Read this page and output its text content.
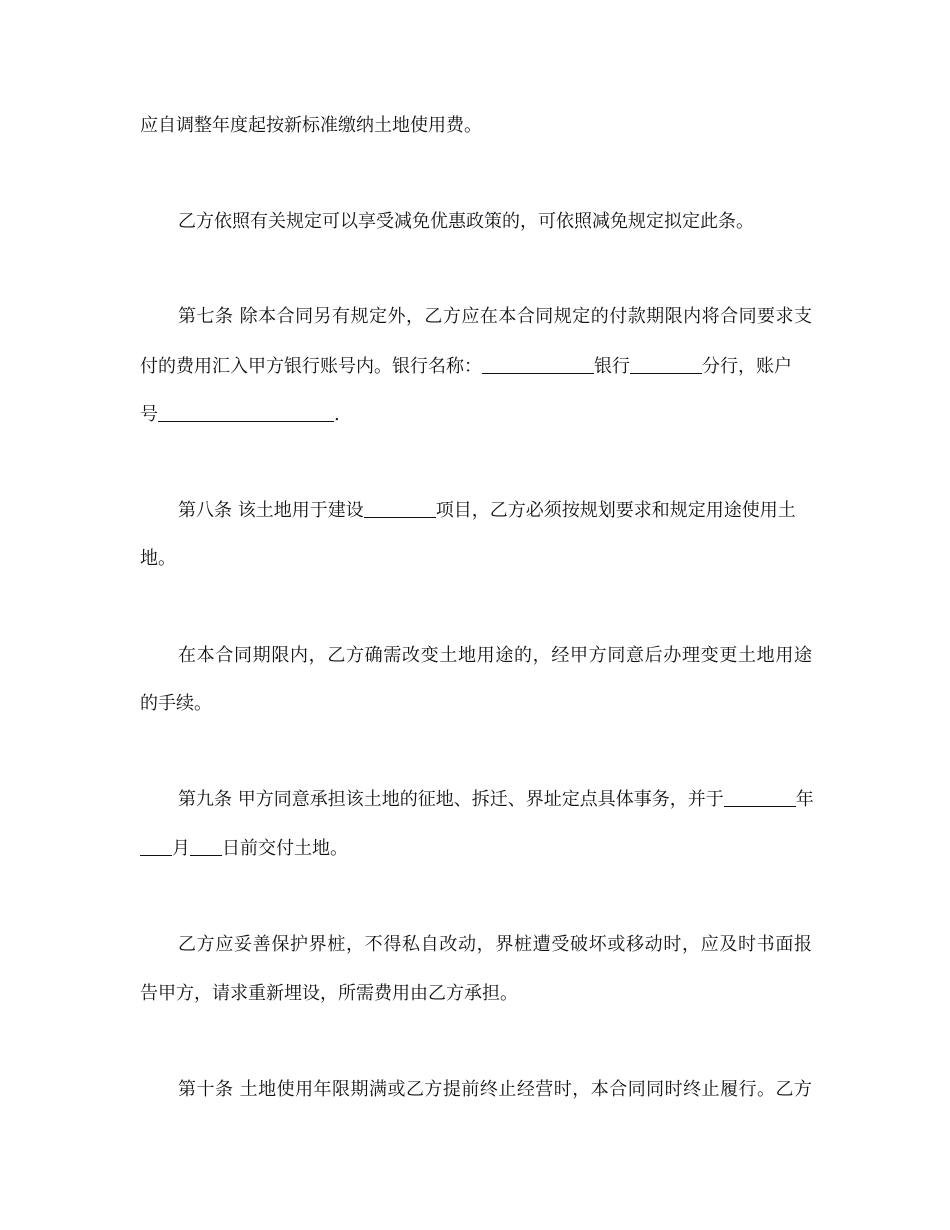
应自调整年度起按新标准缴纳土地使用费。
乙方依照有关规定可以享受减免优惠政策的，可依照减免规定拟定此条。
第七条 除本合同另有规定外，乙方应在本合同规定的付款期限内将合同要求支
付的费用汇入甲方银行账号内。银行名称：	银行	分行，账户
号	.
第八条 该土地用于建设	项目，乙方必须按规划要求和规定用途使用土
地。
在本合同期限内，乙方确需改变土地用途的，经甲方同意后办理变更土地用途
的手续。
第九条 甲方同意承担该土地的征地、拆迁、界址定点具体事务，并于	年
月 日前交付土地。
乙方应妥善保护界桩，不得私自改动，界桩遭受破坏或移动时，应及时书面报
告甲方，请求重新埋设，所需费用由乙方承担。
第十条 土地使用年限期满或乙方提前终止经营时，本合同同时终止履行。乙方
